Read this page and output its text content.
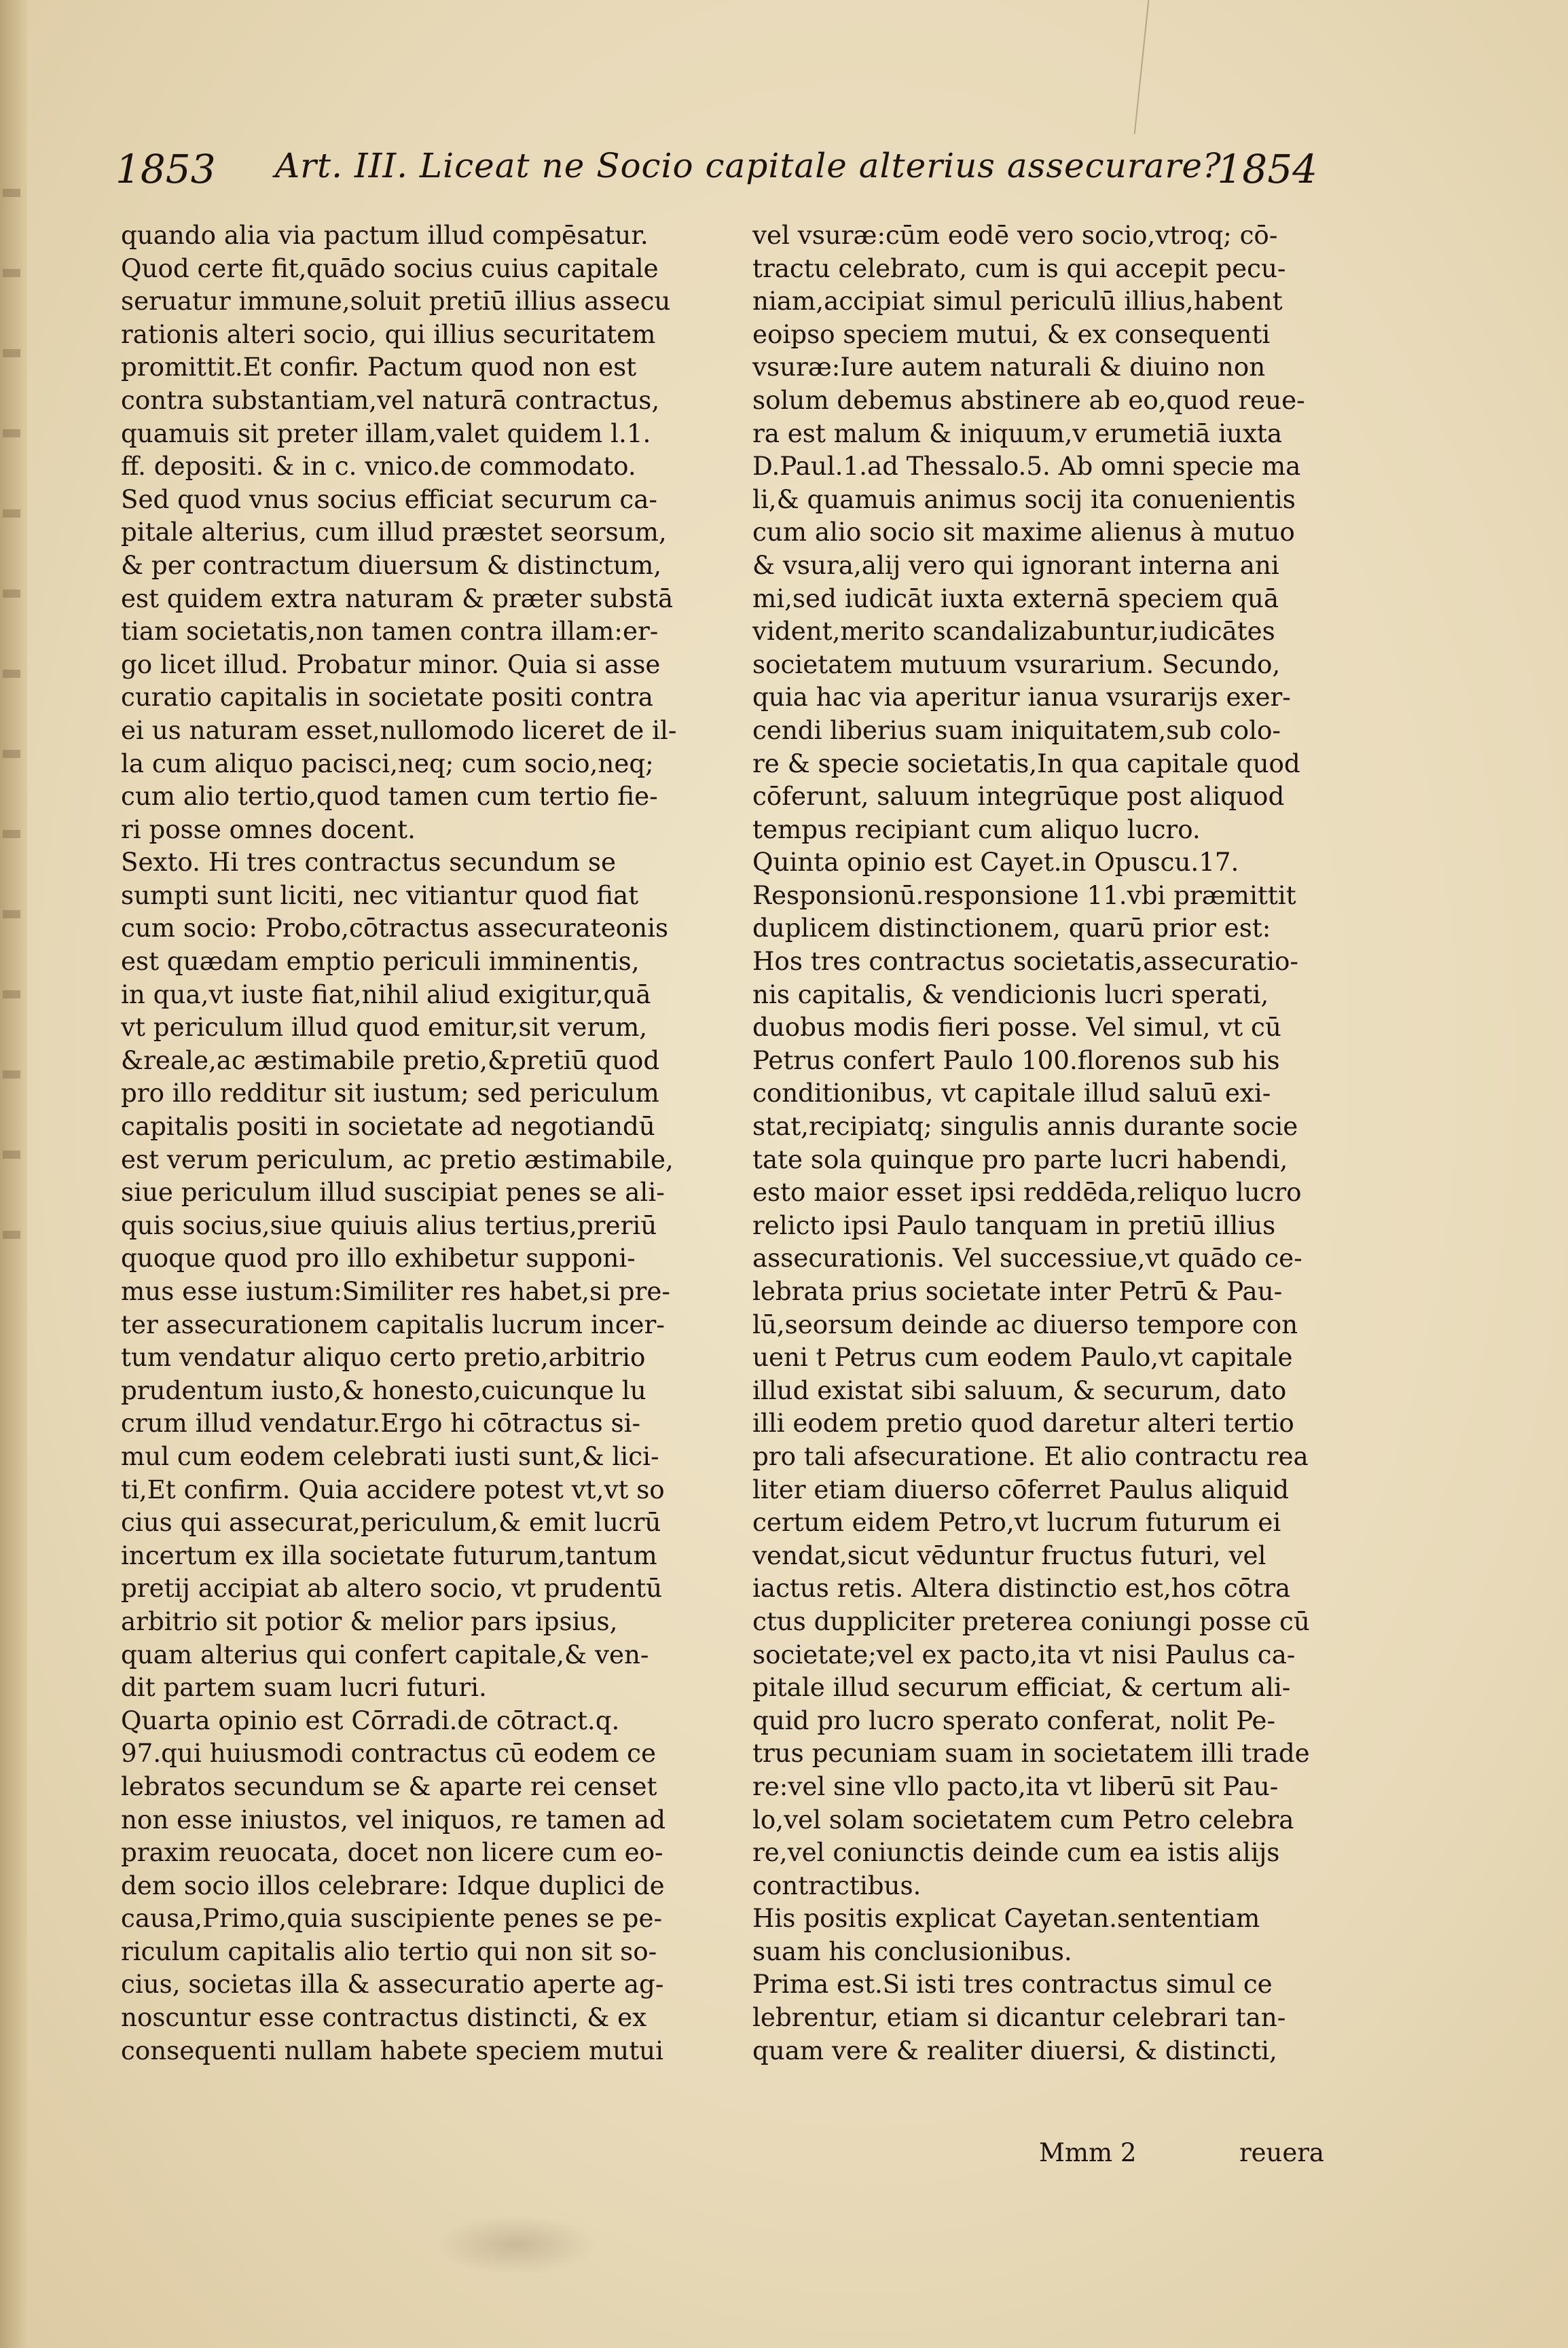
1853 Art. III. Liceat ne Socio capitale alterius assecurare?
1854
quando alia via pactum illud compēsatur.
Quod certe fit,quādo socius cuius capitale
seruatur immune,soluit pretiū illius assecu
rationis alteri socio, qui illius securitatem
promittit.Et confir. Pactum quod non est
contra substantiam,vel naturā contractus,
quamuis sit preter illam,valet quidem l.1.
ff. depositi. & in c. vnico.de commodato.
Sed quod vnus socius efficiat securum ca-
pitale alterius, cum illud præstet seorsum,
& per contractum diuersum & distinctum,
est quidem extra naturam & præter substā
tiam societatis,non tamen contra illam:er-
go licet illud. Probatur minor. Quia si asse
curatio capitalis in societate positi contra
ei us naturam esset,nullomodo liceret de il-
la cum aliquo pacisci,neq; cum socio,neq;
cum alio tertio,quod tamen cum tertio fie-
ri posse omnes docent.
Sexto. Hi tres contractus secundum se
sumpti sunt liciti, nec vitiantur quod fiat
cum socio: Probo,cōtractus assecurateonis
est quædam emptio periculi imminentis,
in qua,vt iuste fiat,nihil aliud exigitur,quā
vt periculum illud quod emitur,sit verum,
&reale,ac æstimabile pretio,&pretiū quod
pro illo redditur sit iustum; sed periculum
capitalis positi in societate ad negotiandū
est verum periculum, ac pretio æstimabile,
siue periculum illud suscipiat penes se ali-
quis socius,siue quiuis alius tertius,preriū
quoque quod pro illo exhibetur supponi-
mus esse iustum:Similiter res habet,si pre-
ter assecurationem capitalis lucrum incer-
tum vendatur aliquo certo pretio,arbitrio
prudentum iusto,& honesto,cuicunque lu
crum illud vendatur.Ergo hi cōtractus si-
mul cum eodem celebrati iusti sunt,& lici-
ti,Et confirm. Quia accidere potest vt,vt so
cius qui assecurat,periculum,& emit lucrū
incertum ex illa societate futurum,tantum
pretij accipiat ab altero socio, vt prudentū
arbitrio sit potior & melior pars ipsius,
quam alterius qui confert capitale,& ven-
dit partem suam lucri futuri.
Quarta opinio est Cōrradi.de cōtract.q.
97.qui huiusmodi contractus cū eodem ce
lebratos secundum se & aparte rei censet
non esse iniustos, vel iniquos, re tamen ad
praxim reuocata, docet non licere cum eo-
dem socio illos celebrare: Idque duplici de
causa,Primo,quia suscipiente penes se pe-
riculum capitalis alio tertio qui non sit so-
cius, societas illa & assecuratio aperte ag-
noscuntur esse contractus distincti, & ex
consequenti nullam habete speciem mutui
vel vsuræ:cūm eodē vero socio,vtroq; cō-
tractu celebrato, cum is qui accepit pecu-
niam,accipiat simul periculū illius,habent
eoipso speciem mutui, & ex consequenti
vsuræ:Iure autem naturali & diuino non
solum debemus abstinere ab eo,quod reue-
ra est malum & iniquum,v erumetiā iuxta
D.Paul.1.ad Thessalo.5. Ab omni specie ma
li,& quamuis animus socij ita conuenientis
cum alio socio sit maxime alienus à mutuo
& vsura,alij vero qui ignorant interna ani
mi,sed iudicāt iuxta externā speciem quā
vident,merito scandalizabuntur,iudicātes
societatem mutuum vsurarium. Secundo,
quia hac via aperitur ianua vsurarijs exer-
cendi liberius suam iniquitatem,sub colo-
re & specie societatis,In qua capitale quod
cōferunt, saluum integrūque post aliquod
tempus recipiant cum aliquo lucro.
Quinta opinio est Cayet.in Opuscu.17.
Responsionū.responsione 11.vbi præmittit
duplicem distinctionem, quarū prior est:
Hos tres contractus societatis,assecuratio-
nis capitalis, & vendicionis lucri sperati,
duobus modis fieri posse. Vel simul, vt cū
Petrus confert Paulo 100.florenos sub his
conditionibus, vt capitale illud saluū exi-
stat,recipiatq; singulis annis durante socie
tate sola quinque pro parte lucri habendi,
esto maior esset ipsi reddēda,reliquo lucro
relicto ipsi Paulo tanquam in pretiū illius
assecurationis. Vel successiue,vt quādo ce-
lebrata prius societate inter Petrū & Pau-
lū,seorsum deinde ac diuerso tempore con
ueni t Petrus cum eodem Paulo,vt capitale
illud existat sibi saluum, & securum, dato
illi eodem pretio quod daretur alteri tertio
pro tali afsecuratione. Et alio contractu rea
liter etiam diuerso cōferret Paulus aliquid
certum eidem Petro,vt lucrum futurum ei
vendat,sicut vēduntur fructus futuri, vel
iactus retis. Altera distinctio est,hos cōtra
ctus duppliciter preterea coniungi posse cū
societate;vel ex pacto,ita vt nisi Paulus ca-
pitale illud securum efficiat, & certum ali-
quid pro lucro sperato conferat, nolit Pe-
trus pecuniam suam in societatem illi trade
re:vel sine vllo pacto,ita vt liberū sit Pau-
lo,vel solam societatem cum Petro celebra
re,vel coniunctis deinde cum ea istis alijs
contractibus.
His positis explicat Cayetan.sententiam
suam his conclusionibus.
Prima est.Si isti tres contractus simul ce
lebrentur, etiam si dicantur celebrari tan-
quam vere & realiter diuersi, & distincti,
Mmm 2	reuera
